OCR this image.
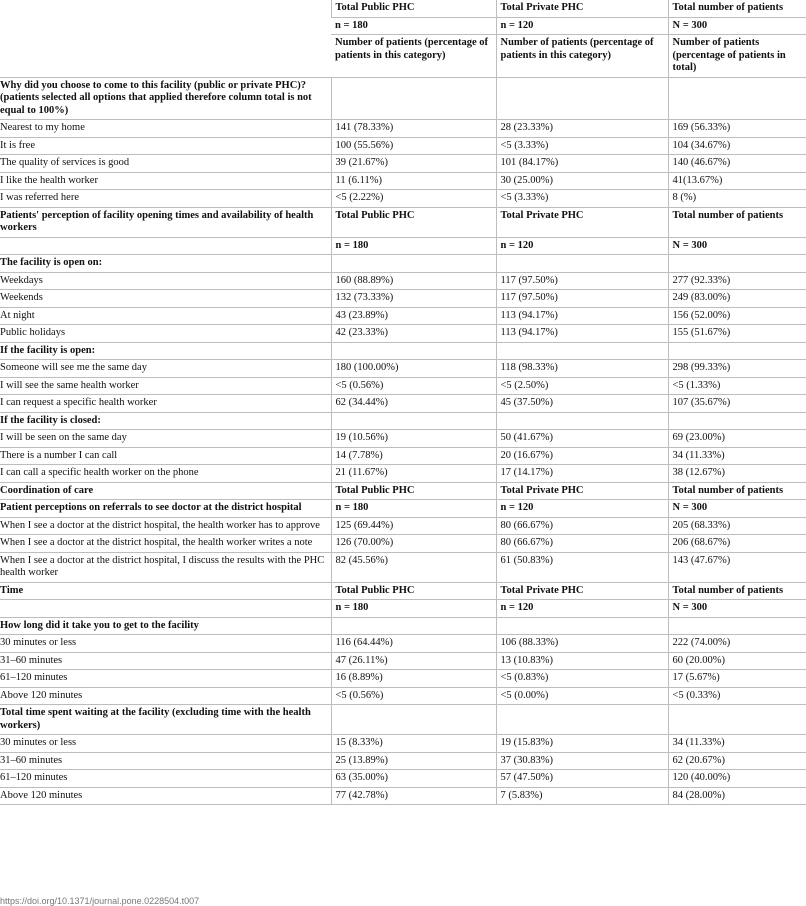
	Total Public PHC	Total Private PHC	Total number of patients
	n = 180	n = 120	N = 300
	Number of patients (percentage of patients in this category)	Number of patients (percentage of patients in this category)	Number of patients (percentage of patients in total)
Why did you choose to come to this facility (public or private PHC)? (patients selected all options that applied therefore column total is not equal to 100%)			
Nearest to my home	141 (78.33%)	28 (23.33%)	169 (56.33%)
It is free	100 (55.56%)	<5 (3.33%)	104 (34.67%)
The quality of services is good	39 (21.67%)	101 (84.17%)	140 (46.67%)
I like the health worker	11 (6.11%)	30 (25.00%)	41(13.67%)
I was referred here	<5 (2.22%)	<5 (3.33%)	8 (%)
Patients' perception of facility opening times and availability of health workers	Total Public PHC	Total Private PHC	Total number of patients
	n = 180	n = 120	N = 300
The facility is open on:			
Weekdays	160 (88.89%)	117 (97.50%)	277 (92.33%)
Weekends	132 (73.33%)	117 (97.50%)	249 (83.00%)
At night	43 (23.89%)	113 (94.17%)	156 (52.00%)
Public holidays	42 (23.33%)	113 (94.17%)	155 (51.67%)
If the facility is open:			
Someone will see me the same day	180 (100.00%)	118 (98.33%)	298 (99.33%)
I will see the same health worker	<5 (0.56%)	<5 (2.50%)	<5 (1.33%)
I can request a specific health worker	62 (34.44%)	45 (37.50%)	107 (35.67%)
If the facility is closed:			
I will be seen on the same day	19 (10.56%)	50 (41.67%)	69 (23.00%)
There is a number I can call	14 (7.78%)	20 (16.67%)	34 (11.33%)
I can call a specific health worker on the phone	21 (11.67%)	17 (14.17%)	38 (12.67%)
Coordination of care	Total Public PHC	Total Private PHC	Total number of patients
Patient perceptions on referrals to see doctor at the district hospital	n = 180	n = 120	N = 300
When I see a doctor at the district hospital, the health worker has to approve	125 (69.44%)	80 (66.67%)	205 (68.33%)
When I see a doctor at the district hospital, the health worker writes a note	126 (70.00%)	80 (66.67%)	206 (68.67%)
When I see a doctor at the district hospital, I discuss the results with the PHC health worker	82 (45.56%)	61 (50.83%)	143 (47.67%)
Time	Total Public PHC	Total Private PHC	Total number of patients
	n = 180	n = 120	N = 300
How long did it take you to get to the facility			
30 minutes or less	116 (64.44%)	106 (88.33%)	222 (74.00%)
31–60 minutes	47 (26.11%)	13 (10.83%)	60 (20.00%)
61–120 minutes	16 (8.89%)	<5 (0.83%)	17 (5.67%)
Above 120 minutes	<5 (0.56%)	<5 (0.00%)	<5 (0.33%)
Total time spent waiting at the facility (excluding time with the health workers)			
30 minutes or less	15 (8.33%)	19 (15.83%)	34 (11.33%)
31–60 minutes	25 (13.89%)	37 (30.83%)	62 (20.67%)
61–120 minutes	63 (35.00%)	57 (47.50%)	120 (40.00%)
Above 120 minutes	77 (42.78%)	7 (5.83%)	84 (28.00%)
https://doi.org/10.1371/journal.pone.0228504.t007
